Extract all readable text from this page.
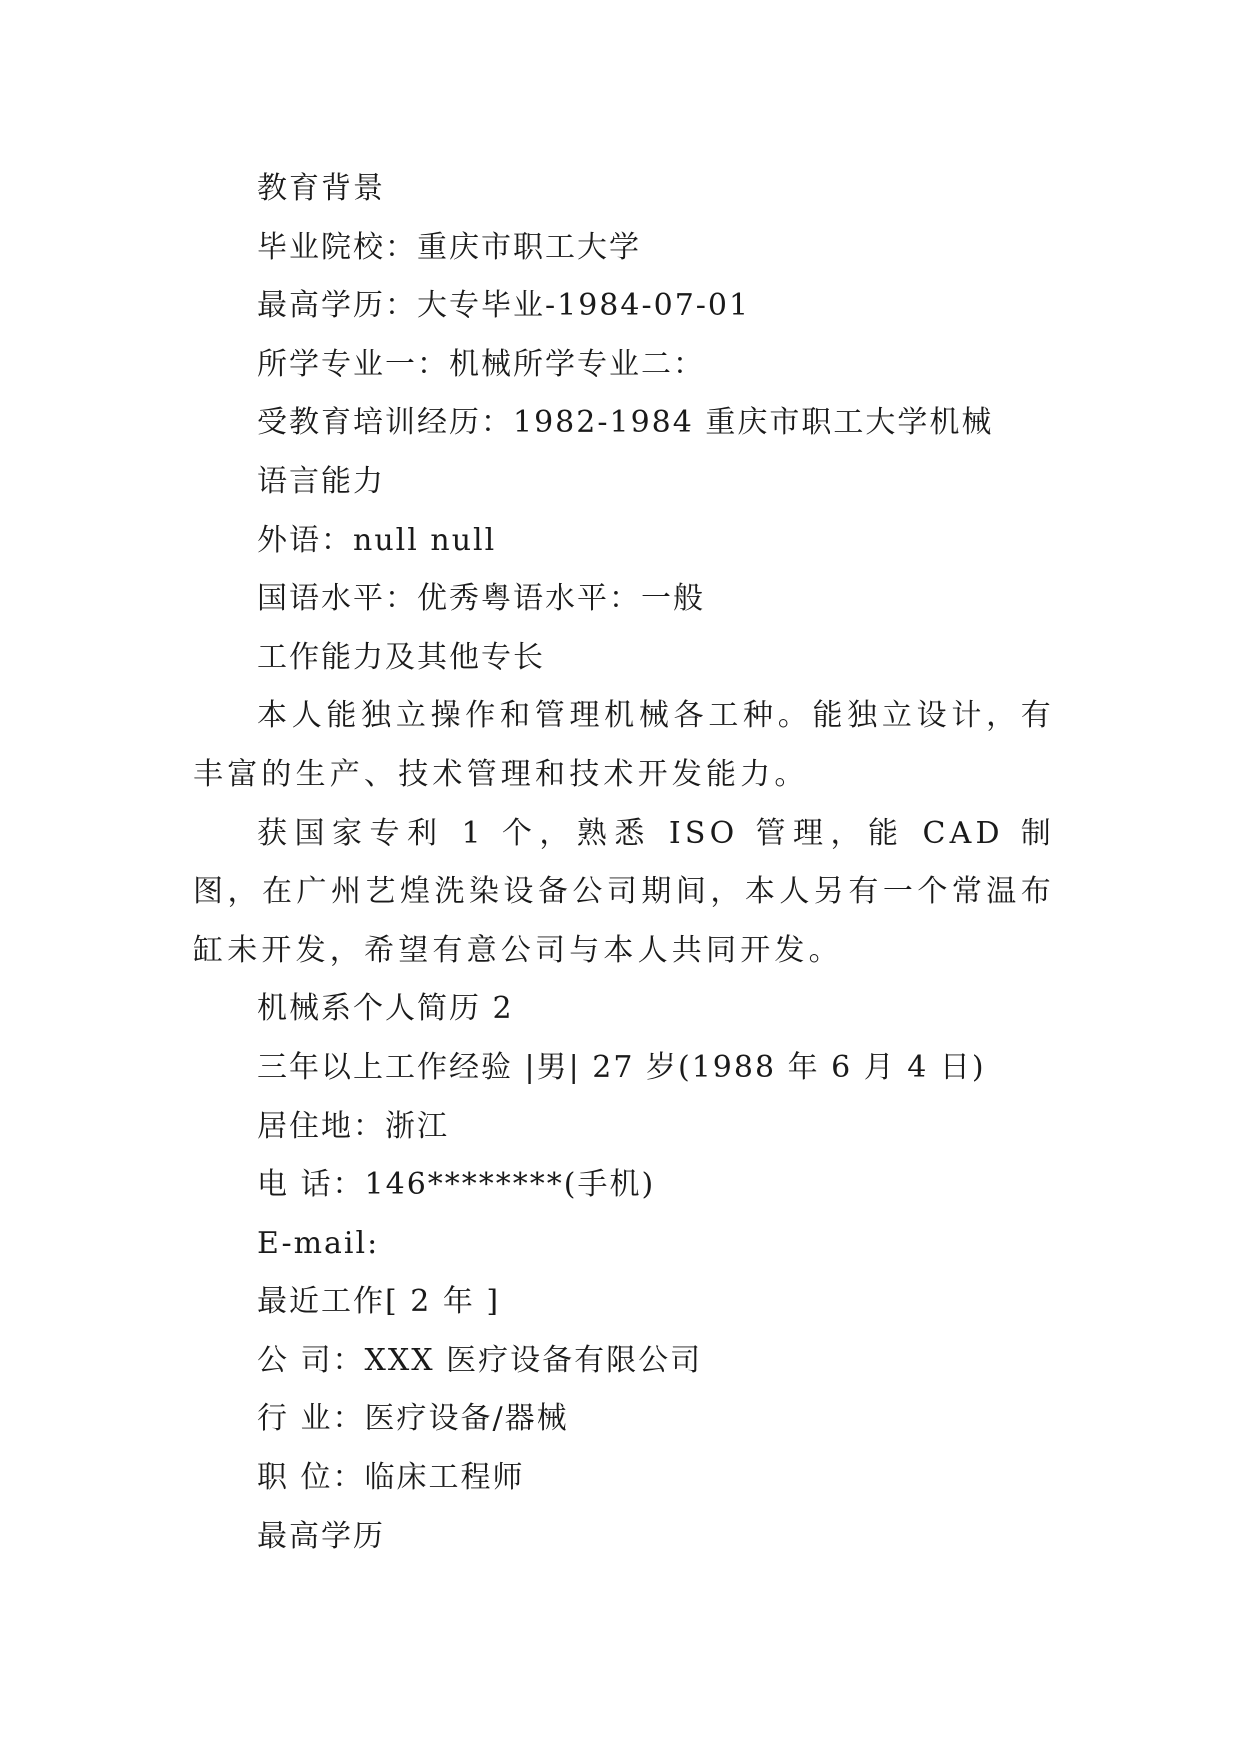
教育背景
毕业院校：重庆市职工大学
最高学历：大专毕业-1984-07-01
所学专业一：机械所学专业二：
受教育培训经历：1982-1984 重庆市职工大学机械
语言能力
外语：null null
国语水平：优秀粤语水平：一般
工作能力及其他专长
本人能独立操作和管理机械各工种。能独立设计，有丰富的生产、技术管理和技术开发能力。
获国家专利 1 个，熟悉 ISO 管理，能 CAD 制图，在广州艺煌洗染设备公司期间，本人另有一个常温布缸未开发，希望有意公司与本人共同开发。
机械系个人简历 2
三年以上工作经验 |男| 27 岁(1988 年 6 月 4 日)
居住地：浙江
电 话：146********(手机)
E-mail:
最近工作[ 2 年 ]
公 司：XXX 医疗设备有限公司
行 业：医疗设备/器械
职 位：临床工程师
最高学历
